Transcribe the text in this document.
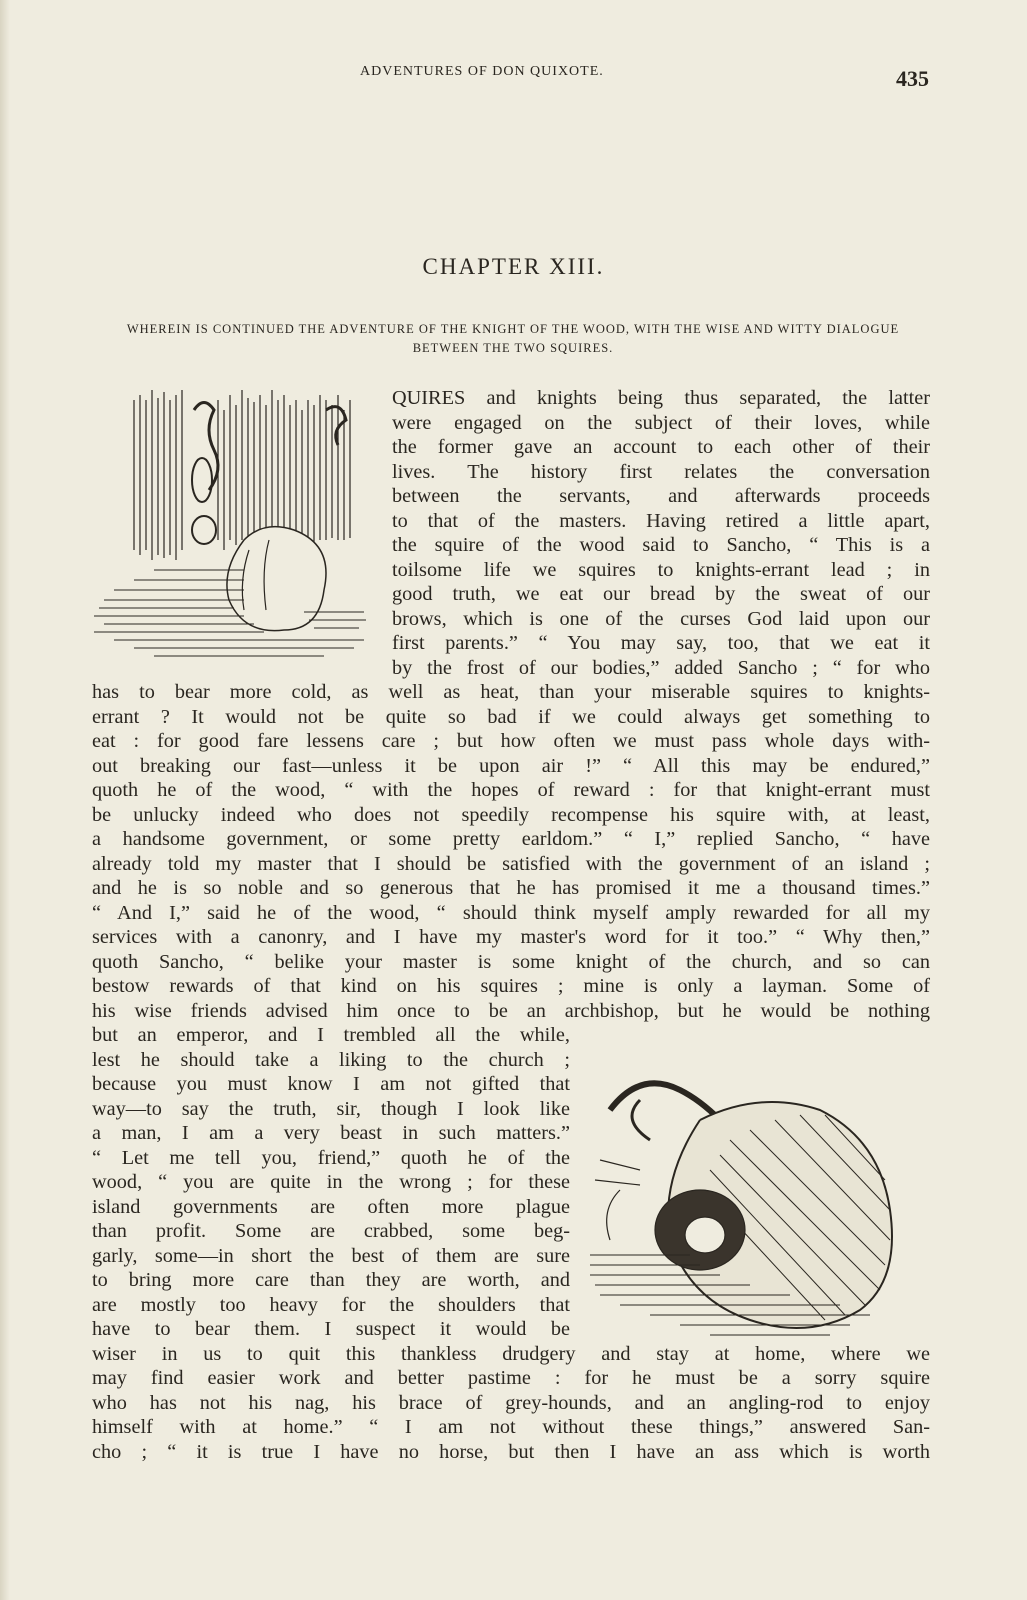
ADVENTURES OF DON QUIXOTE.	435
CHAPTER XIII.
WHEREIN IS CONTINUED THE ADVENTURE OF THE KNIGHT OF THE WOOD, WITH THE WISE AND WITTY DIALOGUE BETWEEN THE TWO SQUIRES.
QUIRES and knights being thus separated, the latter
were engaged on the subject of their loves, while
the former gave an account to each other of their
lives. The history first relates the conversation
between the servants, and afterwards proceeds
to that of the masters. Having retired a little apart,
the squire of the wood said to Sancho, “ This is a
toilsome life we squires to knights-errant lead ; in
good truth, we eat our bread by the sweat of our
brows, which is one of the curses God laid upon our
first parents.” “ You may say, too, that we eat it
by the frost of our bodies,” added Sancho ; “ for who
has to bear more cold, as well as heat, than your miserable squires to knights-
errant ? It would not be quite so bad if we could always get something to
eat : for good fare lessens care ; but how often we must pass whole days with-
out breaking our fast—unless it be upon air !” “ All this may be endured,”
quoth he of the wood, “ with the hopes of reward : for that knight-errant must
be unlucky indeed who does not speedily recompense his squire with, at least,
a handsome government, or some pretty earldom.” “ I,” replied Sancho, “ have
already told my master that I should be satisfied with the government of an island ;
and he is so noble and so generous that he has promised it me a thousand times.”
“ And I,” said he of the wood, “ should think myself amply rewarded for all my
services with a canonry, and I have my master's word for it too.” “ Why then,”
quoth Sancho, “ belike your master is some knight of the church, and so can
bestow rewards of that kind on his squires ; mine is only a layman. Some of
his wise friends advised him once to be an archbishop, but he would be nothing
but an emperor, and I trembled all the while,
lest he should take a liking to the church ;
because you must know I am not gifted that
way—to say the truth, sir, though I look like
a man, I am a very beast in such matters.”
“ Let me tell you, friend,” quoth he of the
wood, “ you are quite in the wrong ; for these
island governments are often more plague
than profit. Some are crabbed, some beg-
garly, some—in short the best of them are sure
to bring more care than they are worth, and
are mostly too heavy for the shoulders that
have to bear them. I suspect it would be
wiser in us to quit this thankless drudgery and stay at home, where we
may find easier work and better pastime : for he must be a sorry squire
who has not his nag, his brace of grey-hounds, and an angling-rod to enjoy
himself with at home.” “ I am not without these things,” answered San-
cho ; “ it is true I have no horse, but then I have an ass which is worth
